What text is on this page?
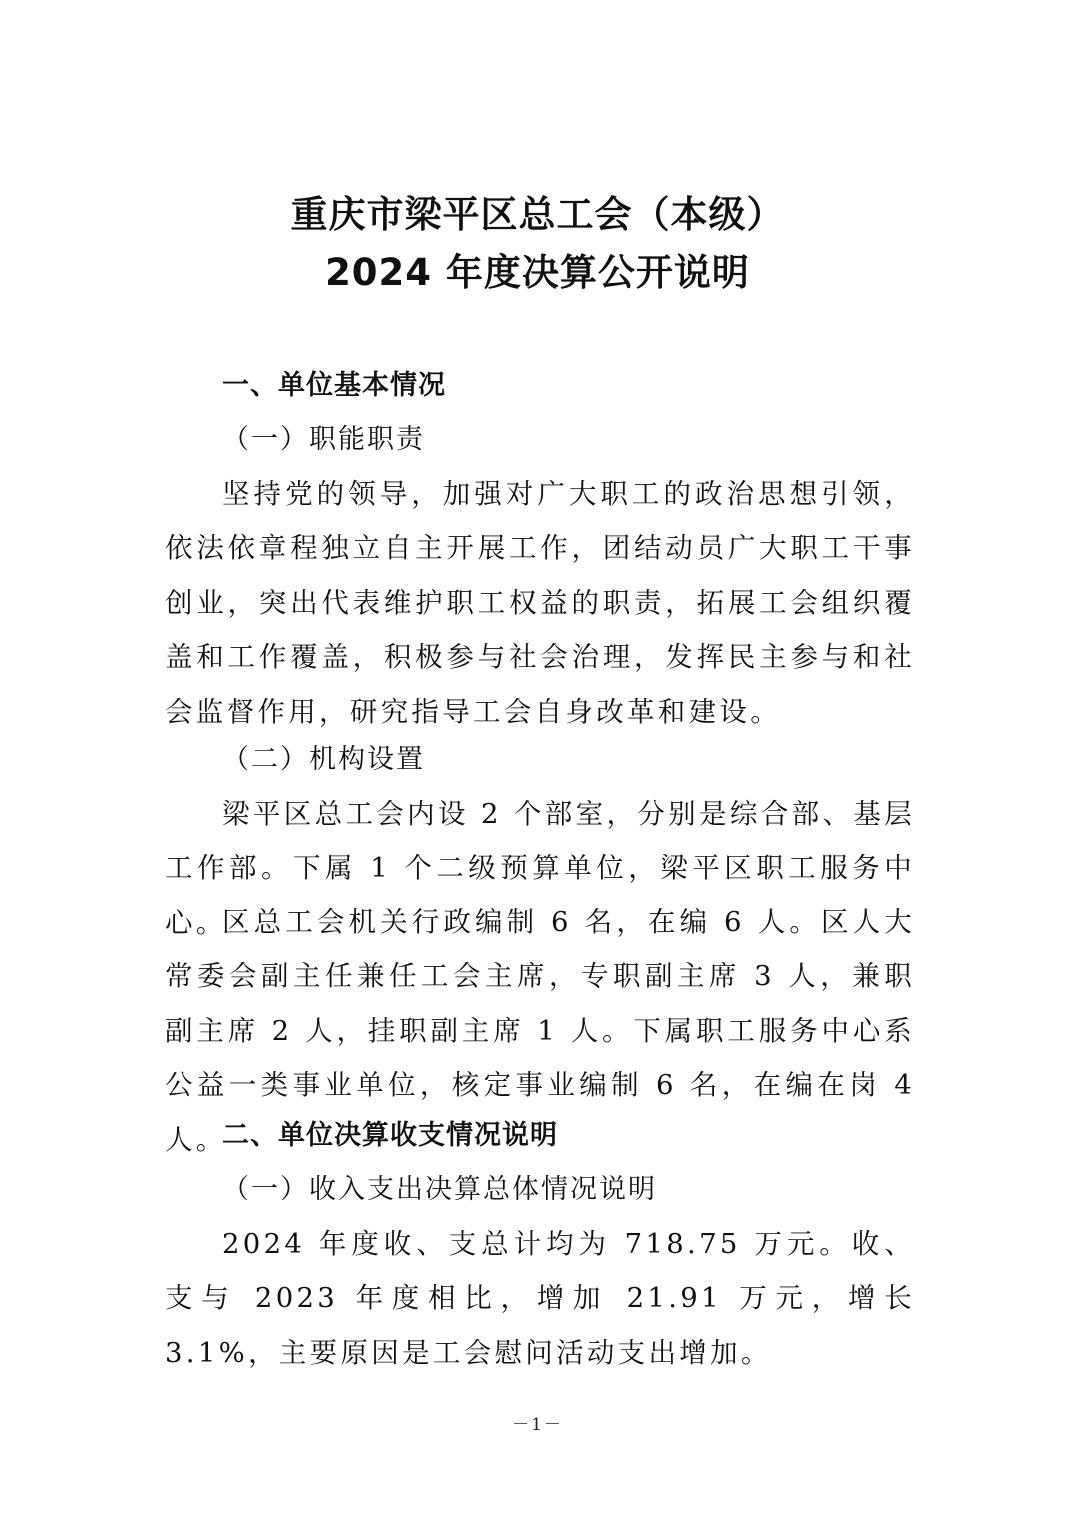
重庆市梁平区总工会（本级）
2024 年度决算公开说明
一、单位基本情况
（一）职能职责

坚持党的领导，加强对广大职工的政治思想引领，依法依章程独立自主开展工作，团结动员广大职工干事创业，突出代表维护职工权益的职责，拓展工会组织覆盖和工作覆盖，积极参与社会治理，发挥民主参与和社会监督作用，研究指导工会自身改革和建设。

（二）机构设置

梁平区总工会内设 2 个部室，分别是综合部、基层工作部。下属 1 个二级预算单位，梁平区职工服务中心。

区总工会机关行政编制 6 名，在编 6 人。区人大常委会副主任兼任工会主席，专职副主席 3 人，兼职副主席 2 人，挂职副主席 1 人。下属职工服务中心系公益一类事业单位，核定事业编制 6 名，在编在岗 4 人。

二、单位决算收支情况说明
（一）收入支出决算总体情况说明

2024 年度收、支总计均为 718.75 万元。收、支与 2023 年度相比，增加 21.91 万元，增长 3.1%，主要原因是工会慰问活动支出增加。

－1－
